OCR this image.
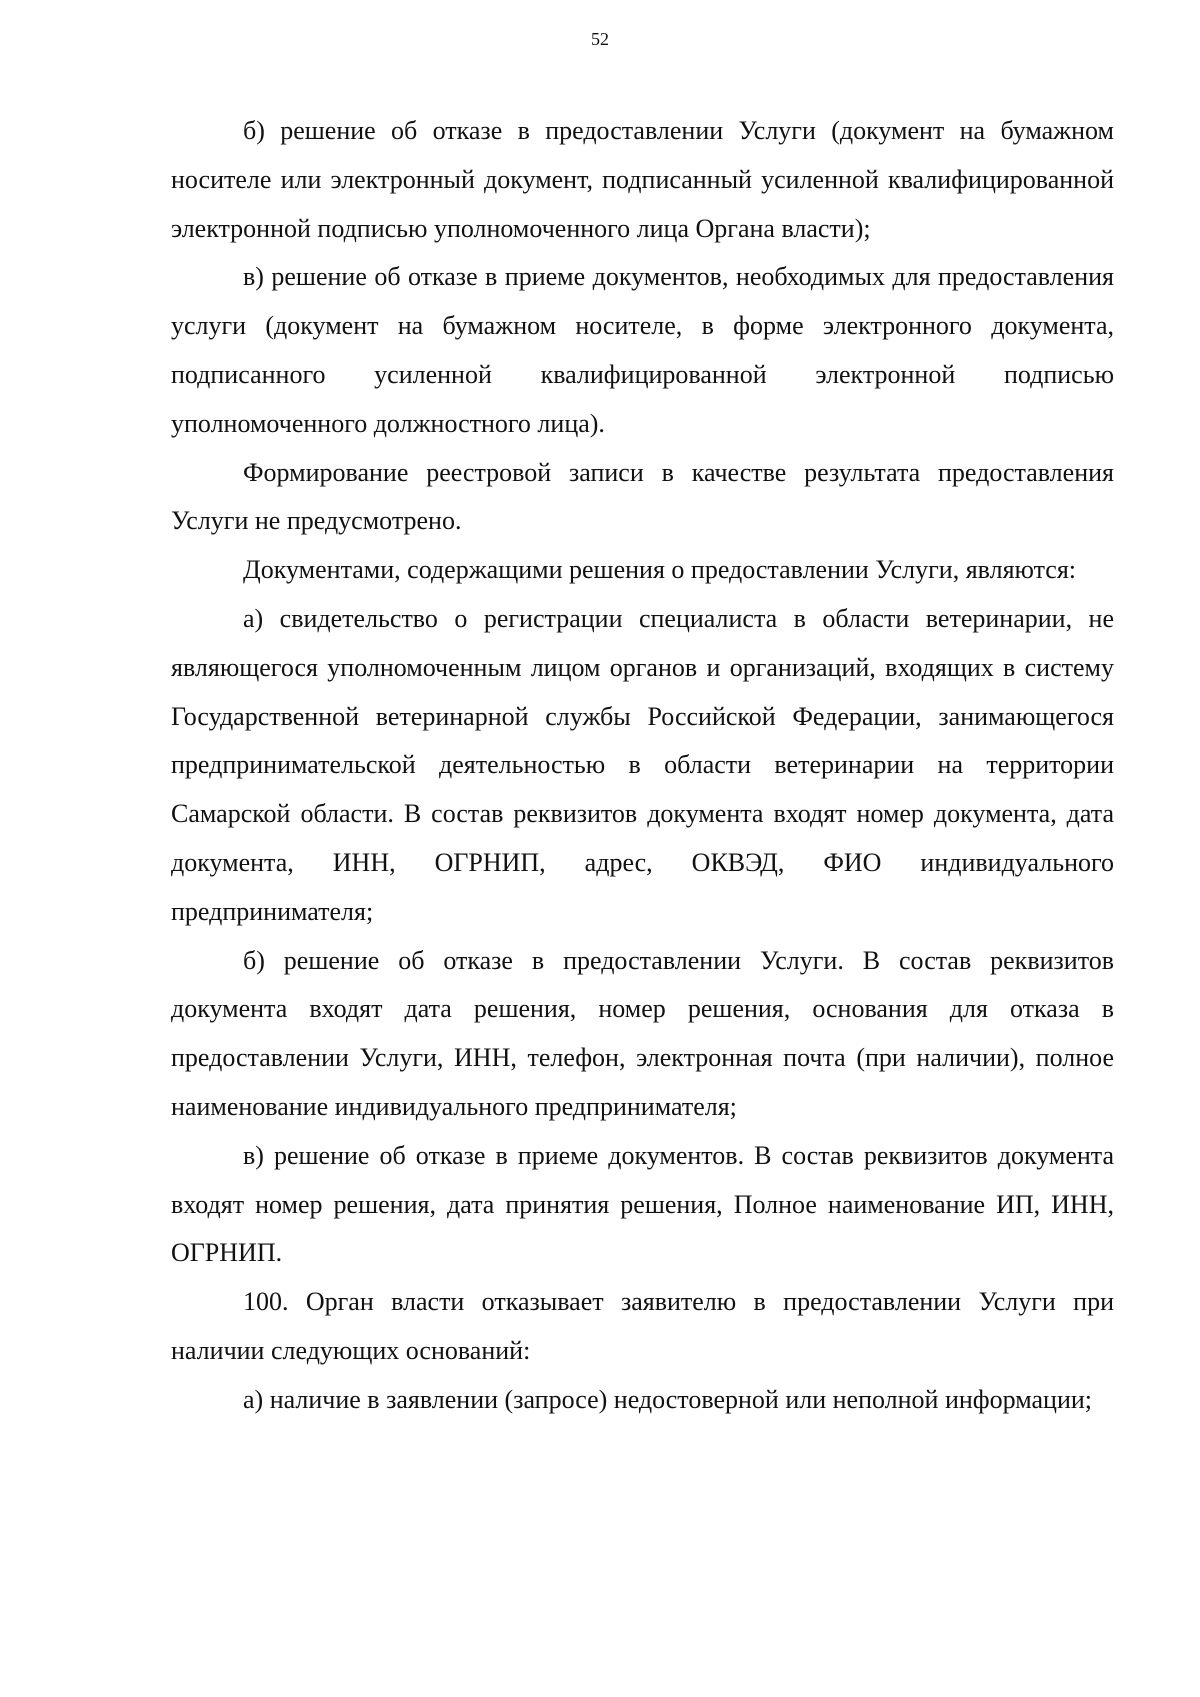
52

б) решение об отказе в предоставлении Услуги (документ на бумажном носителе или электронный документ, подписанный усиленной квалифицированной электронной подписью уполномоченного лица Органа власти);

в) решение об отказе в приеме документов, необходимых для предоставления услуги (документ на бумажном носителе, в форме электронного документа, подписанного усиленной квалифицированной электронной подписью уполномоченного должностного лица).

Формирование реестровой записи в качестве результата предоставления Услуги не предусмотрено.

Документами, содержащими решения о предоставлении Услуги, являются:

а) свидетельство о регистрации специалиста в области ветеринарии, не являющегося уполномоченным лицом органов и организаций, входящих в систему Государственной ветеринарной службы Российской Федерации, занимающегося предпринимательской деятельностью в области ветеринарии на территории Самарской области. В состав реквизитов документа входят номер документа, дата документа, ИНН, ОГРНИП, адрес, ОКВЭД, ФИО индивидуального предпринимателя;

б) решение об отказе в предоставлении Услуги. В состав реквизитов документа входят дата решения, номер решения, основания для отказа в предоставлении Услуги, ИНН, телефон, электронная почта (при наличии), полное наименование индивидуального предпринимателя;

в) решение об отказе в приеме документов. В состав реквизитов документа входят номер решения, дата принятия решения, Полное наименование ИП, ИНН, ОГРНИП.

100. Орган власти отказывает заявителю в предоставлении Услуги при наличии следующих оснований:

а) наличие в заявлении (запросе) недостоверной или неполной информации;
